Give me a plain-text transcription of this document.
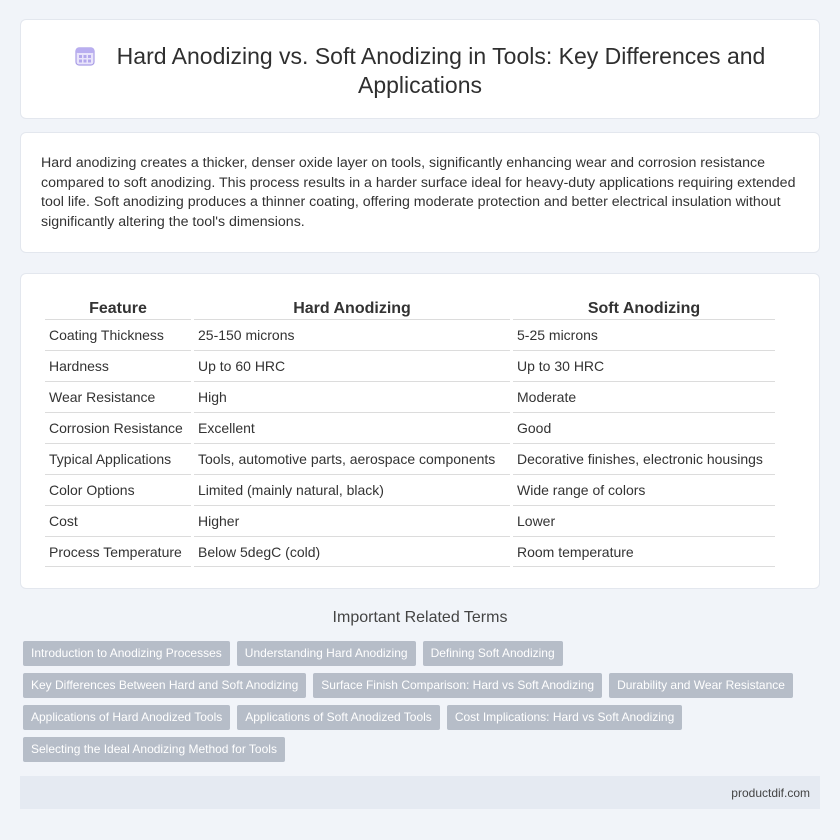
Hard Anodizing vs. Soft Anodizing in Tools: Key Differences and Applications

Hard anodizing creates a thicker, denser oxide layer on tools, significantly enhancing wear and corrosion resistance compared to soft anodizing. This process results in a harder surface ideal for heavy-duty applications requiring extended tool life. Soft anodizing produces a thinner coating, offering moderate protection and better electrical insulation without significantly altering the tool's dimensions.

Feature	Hard Anodizing	Soft Anodizing
Coating Thickness	25-150 microns	5-25 microns
Hardness	Up to 60 HRC	Up to 30 HRC
Wear Resistance	High	Moderate
Corrosion Resistance	Excellent	Good
Typical Applications	Tools, automotive parts, aerospace components	Decorative finishes, electronic housings
Color Options	Limited (mainly natural, black)	Wide range of colors
Cost	Higher	Lower
Process Temperature	Below 5degC (cold)	Room temperature
Important Related Terms
Introduction to Anodizing Processes	Understanding Hard Anodizing	Defining Soft Anodizing
Key Differences Between Hard and Soft Anodizing	Surface Finish Comparison: Hard vs Soft Anodizing	Durability and Wear Resistance
Applications of Hard Anodized Tools	Applications of Soft Anodized Tools	Cost Implications: Hard vs Soft Anodizing
Selecting the Ideal Anodizing Method for Tools
productdif.com
